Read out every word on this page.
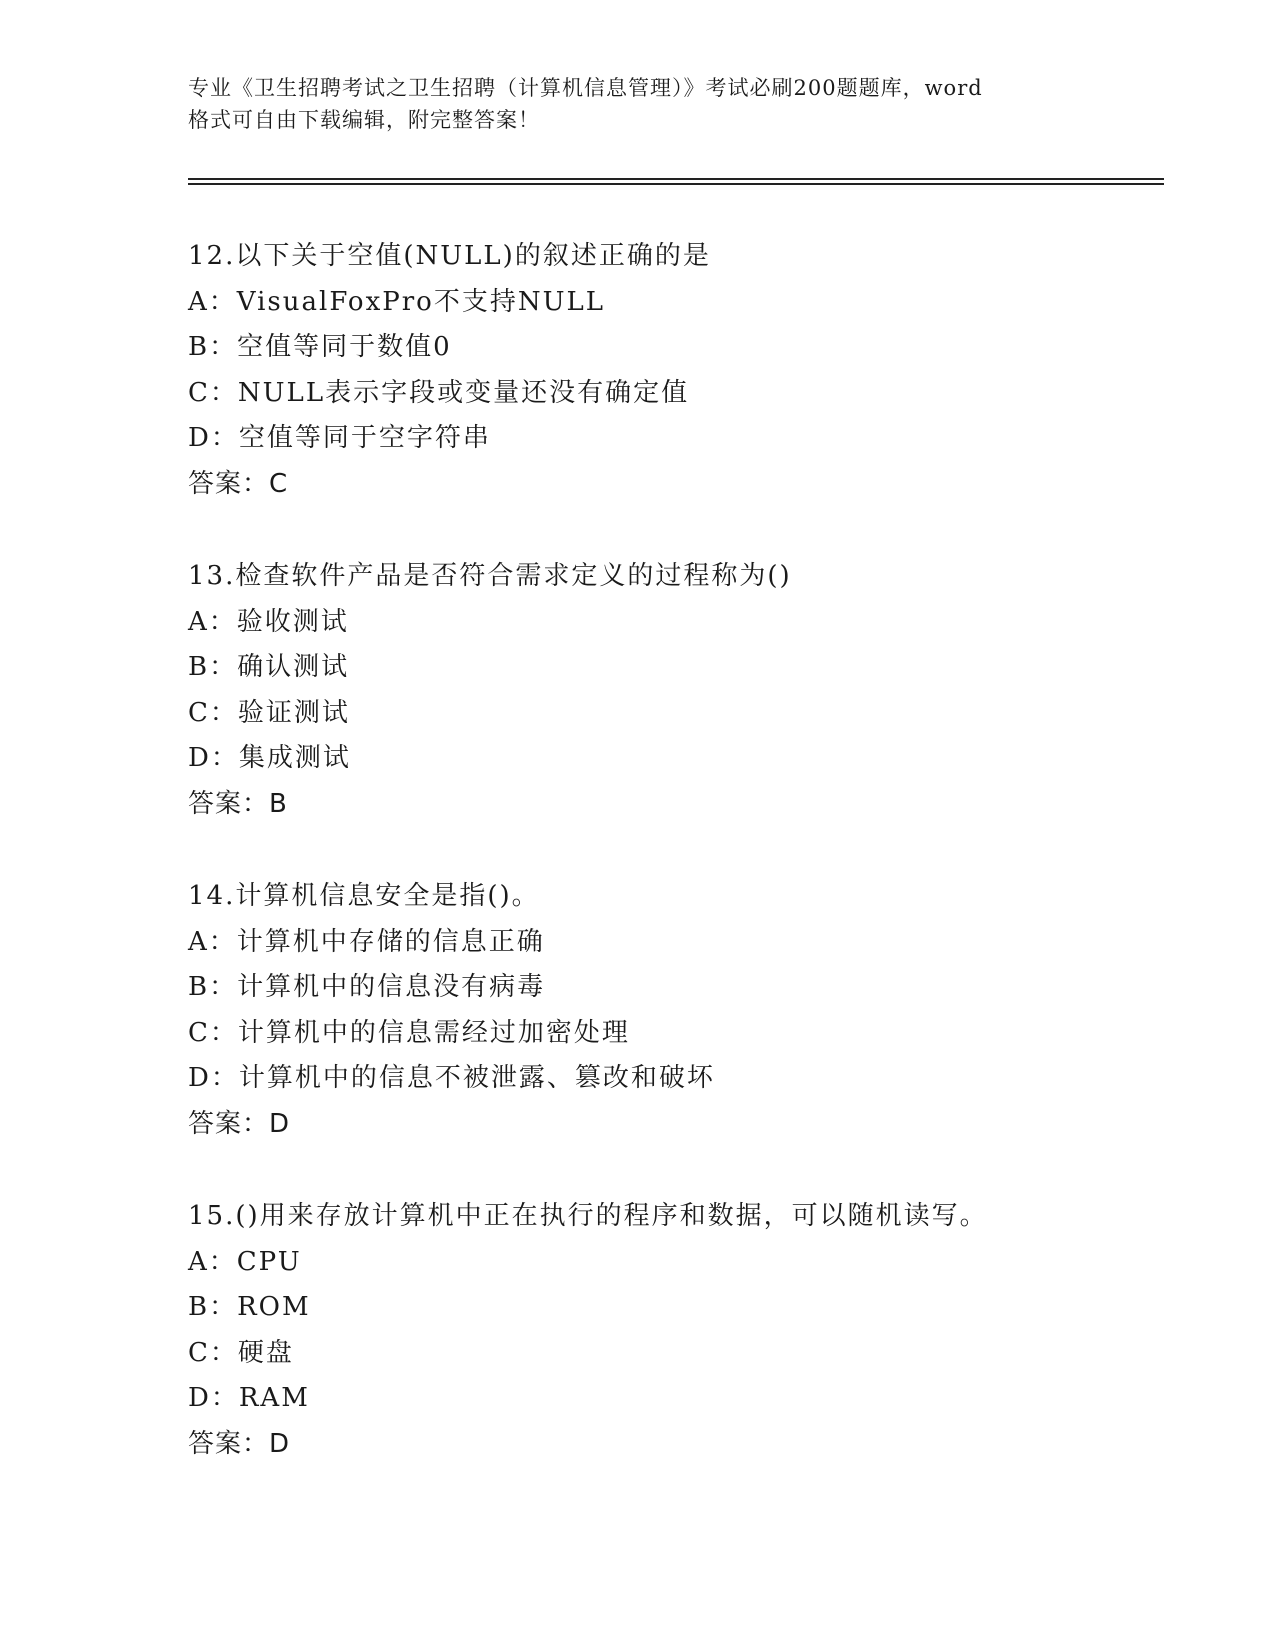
专业《卫生招聘考试之卫生招聘（计算机信息管理）》考试必刷200题题库，word
格式可自由下载编辑，附完整答案！
12.以下关于空值(NULL)的叙述正确的是
A：VisualFoxPro不支持NULL
B：空值等同于数值0
C：NULL表示字段或变量还没有确定值
D：空值等同于空字符串
答案：C
13.检查软件产品是否符合需求定义的过程称为()
A：验收测试
B：确认测试
C：验证测试
D：集成测试
答案：B
14.计算机信息安全是指()。
A：计算机中存储的信息正确
B：计算机中的信息没有病毒
C：计算机中的信息需经过加密处理
D：计算机中的信息不被泄露、篡改和破坏
答案：D
15.()用来存放计算机中正在执行的程序和数据，可以随机读写。
A：CPU
B：ROM
C：硬盘
D：RAM
答案：D
